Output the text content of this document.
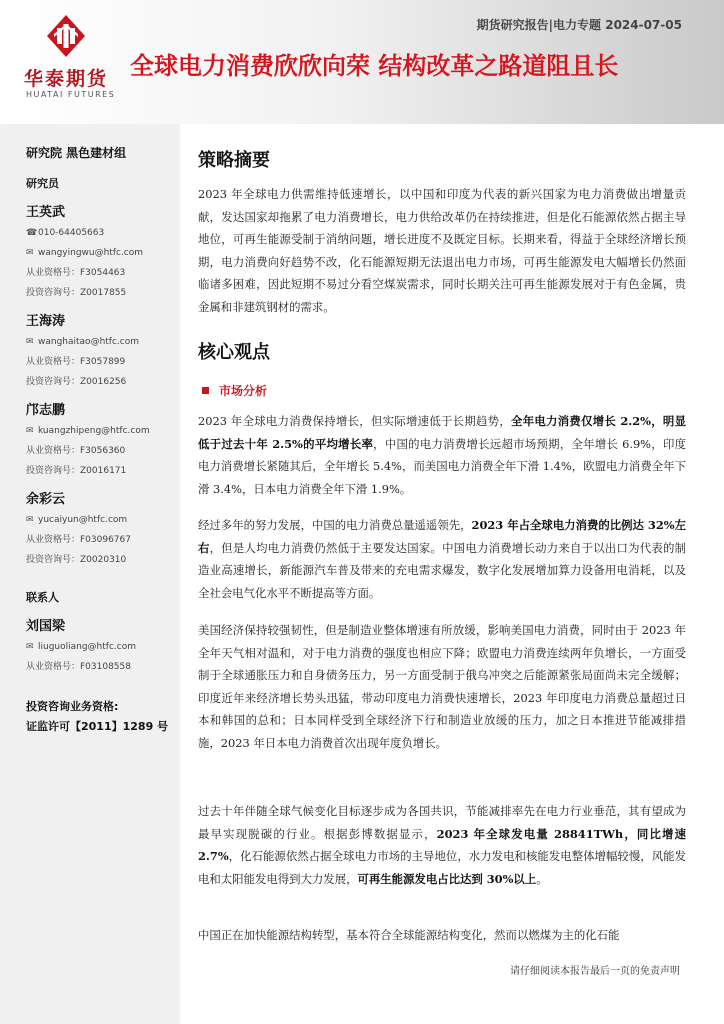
华泰期货
HUATAI FUTURES
期货研究报告|电力专题 2024-07-05
全球电力消费欣欣向荣 结构改革之路道阻且长
研究院 黑色建材组
研究员
王英武
☎010-64405663
✉ wangyingwu@htfc.com
从业资格号：F3054463
投资咨询号：Z0017855
王海涛
✉ wanghaitao@htfc.com
从业资格号：F3057899
投资咨询号：Z0016256
邝志鹏
✉ kuangzhipeng@htfc.com
从业资格号：F3056360
投资咨询号：Z0016171
余彩云
✉ yucaiyun@htfc.com
从业资格号：F03096767
投资咨询号：Z0020310
联系人
刘国梁
✉ liuguoliang@htfc.com
从业资格号：F03108558
投资咨询业务资格:
证监许可【2011】1289 号
策略摘要
2023 年全球电力供需维持低速增长，以中国和印度为代表的新兴国家为电力消费做出增量贡献，发达国家却拖累了电力消费增长，电力供给改革仍在持续推进，但是化石能源依然占据主导地位，可再生能源受制于消纳问题，增长进度不及既定目标。长期来看，得益于全球经济增长预期，电力消费向好趋势不改，化石能源短期无法退出电力市场，可再生能源发电大幅增长仍然面临诸多困难，因此短期不易过分看空煤炭需求，同时长期关注可再生能源发展对于有色金属，贵金属和非建筑钢材的需求。
核心观点
市场分析
2023 年全球电力消费保持增长，但实际增速低于长期趋势，全年电力消费仅增长 2.2%，明显低于过去十年 2.5%的平均增长率，中国的电力消费增长远超市场预期，全年增长 6.9%，印度电力消费增长紧随其后，全年增长 5.4%，而美国电力消费全年下滑 1.4%，欧盟电力消费全年下滑 3.4%，日本电力消费全年下滑 1.9%。
经过多年的努力发展，中国的电力消费总量遥遥领先，2023 年占全球电力消费的比例达 32%左右，但是人均电力消费仍然低于主要发达国家。中国电力消费增长动力来自于以出口为代表的制造业高速增长，新能源汽车普及带来的充电需求爆发，数字化发展增加算力设备用电消耗，以及全社会电气化水平不断提高等方面。
美国经济保持较强韧性，但是制造业整体增速有所放缓，影响美国电力消费，同时由于 2023 年全年天气相对温和，对于电力消费的强度也相应下降；欧盟电力消费连续两年负增长，一方面受制于全球通胀压力和自身债务压力，另一方面受制于俄乌冲突之后能源紧张局面尚未完全缓解；印度近年来经济增长势头迅猛，带动印度电力消费快速增长，2023 年印度电力消费总量超过日本和韩国的总和；日本同样受到全球经济下行和制造业放缓的压力，加之日本推进节能减排措施，2023 年日本电力消费首次出现年度负增长。
过去十年伴随全球气候变化目标逐步成为各国共识，节能减排率先在电力行业垂范，其有望成为最早实现脱碳的行业。根据彭博数据显示，2023 年全球发电量 28841TWh，同比增速 2.7%，化石能源依然占据全球电力市场的主导地位，水力发电和核能发电整体增幅较慢，风能发电和太阳能发电得到大力发展，可再生能源发电占比达到 30%以上。
中国正在加快能源结构转型，基本符合全球能源结构变化，然而以燃煤为主的化石能
请仔细阅读本报告最后一页的免责声明
